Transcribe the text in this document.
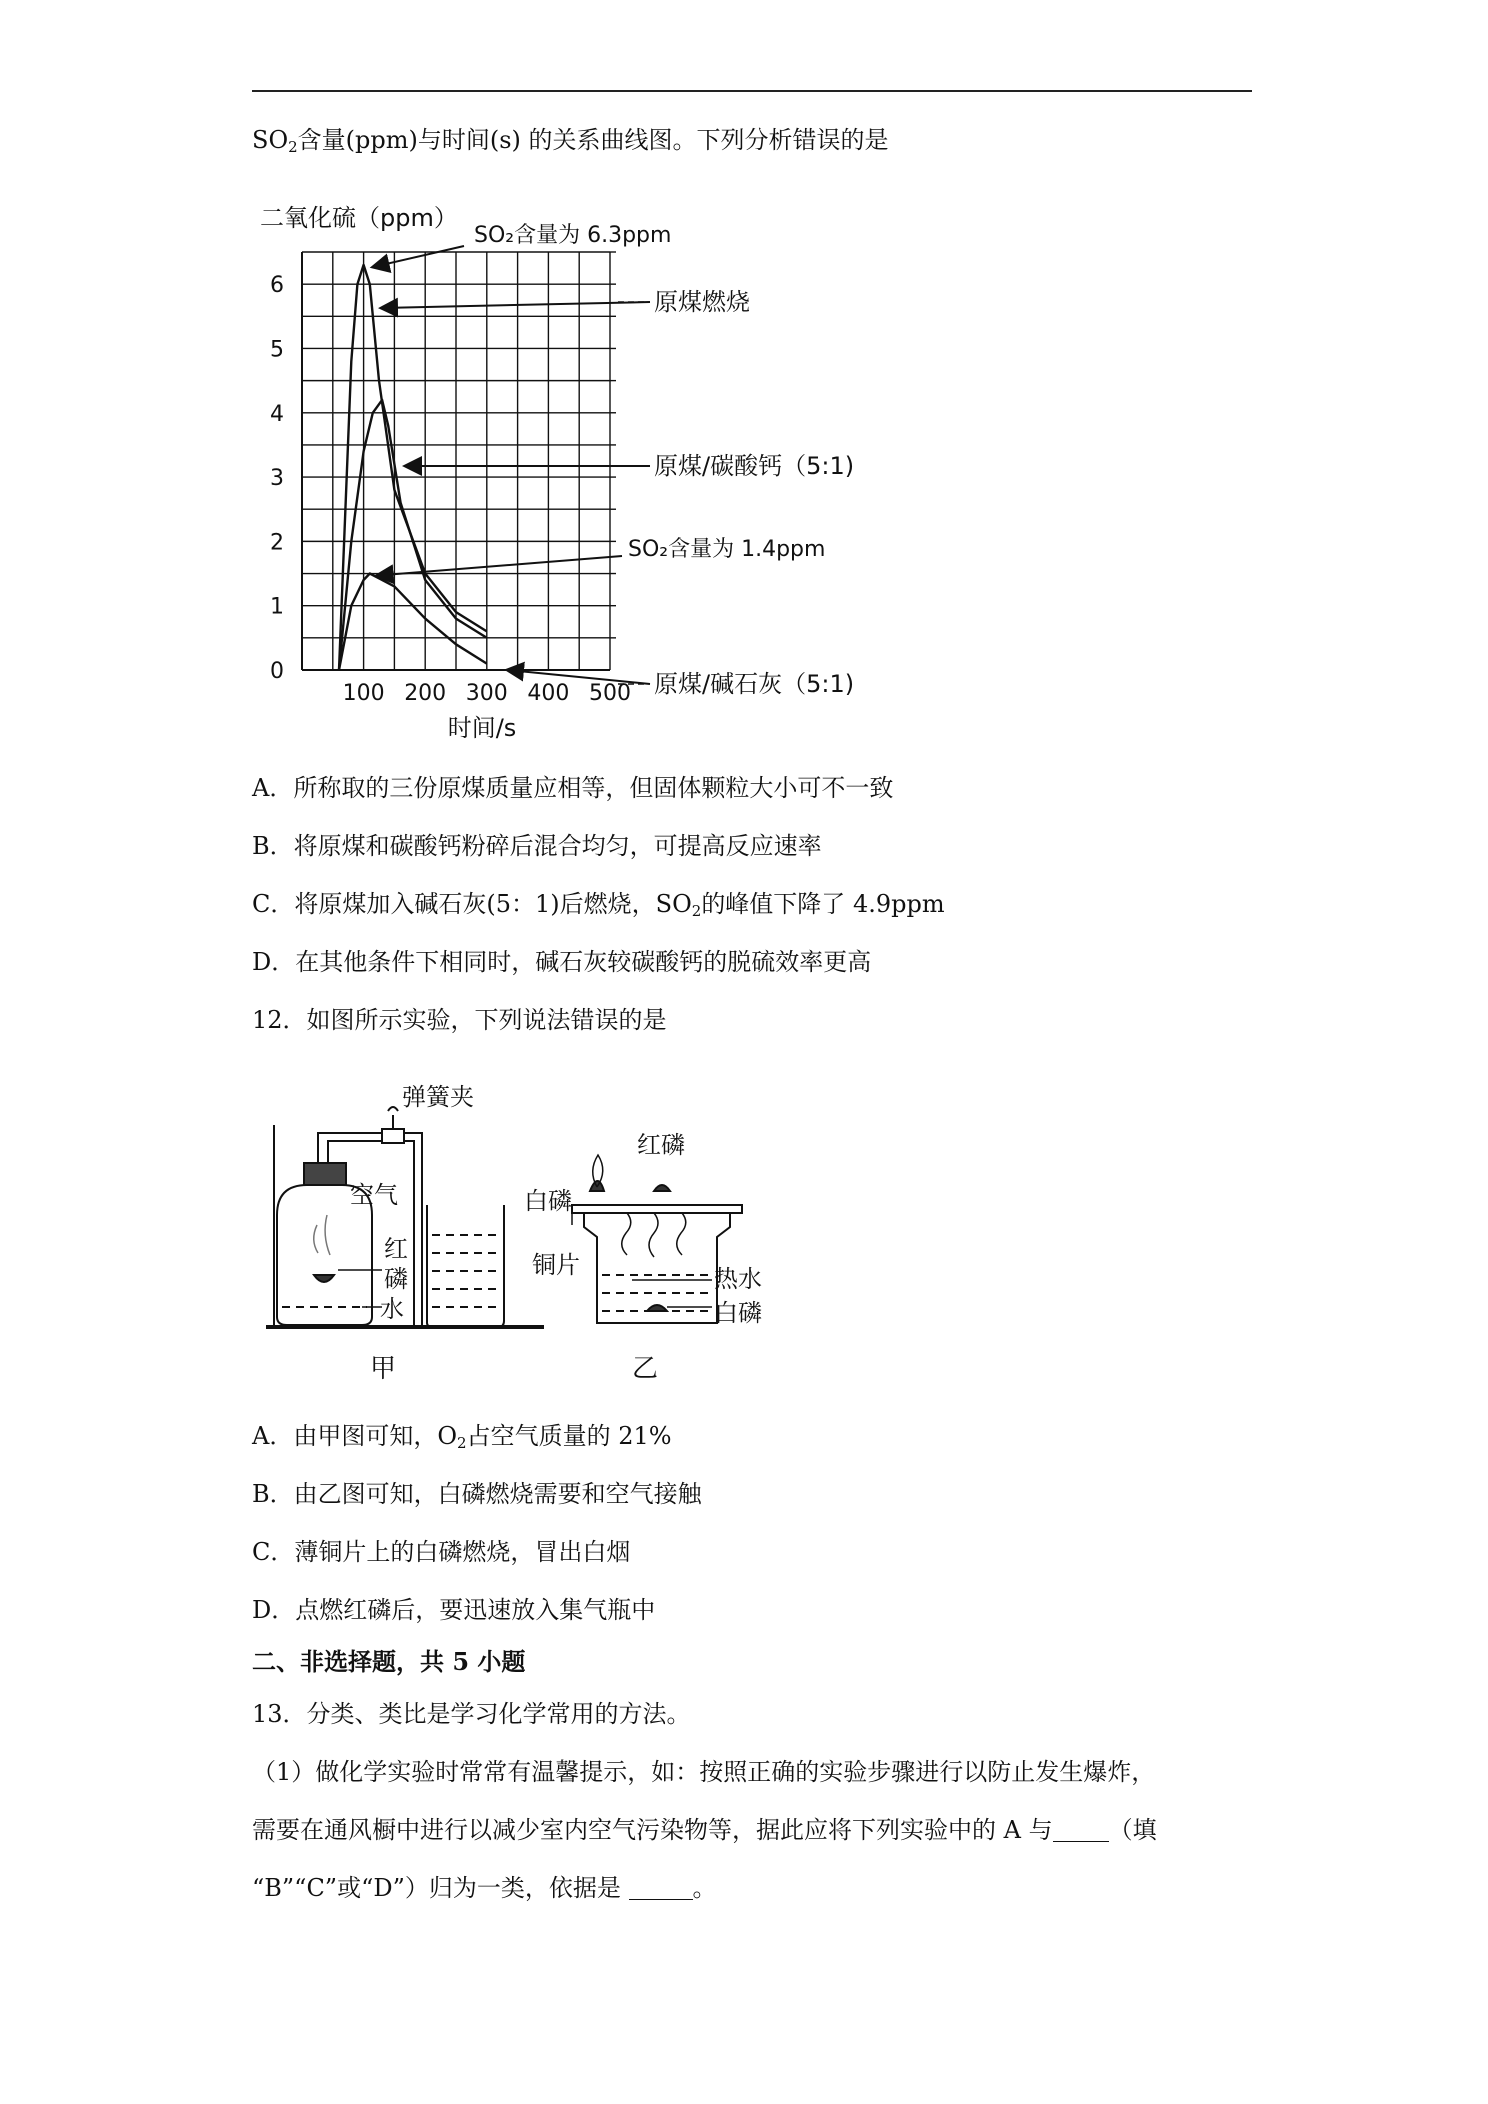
$SO_2$含量(ppm)与时间(s) 的关系曲线图。下列分析错误的是
100 200 300 400 500
0
1
2
3
4
5
6
二氧化硫（ppm）
时间/s
SO₂含量为 6.3ppm
SO₂含量为 1.4ppm
原煤燃烧
原煤/碳酸钙（5:1)
原煤/碱石灰（5:1)
A．所称取的三份原煤质量应相等，但固体颗粒大小可不一致
B．将原煤和碳酸钙粉碎后混合均匀，可提高反应速率
C．将原煤加入碱石灰(5：1)后燃烧，$SO_2$的峰值下降了 4.9ppm
D．在其他条件下相同时，碱石灰较碳酸钙的脱硫效率更高
12．如图所示实验，下列说法错误的是
弹簧夹
空气
红
磷
水
甲
红磷
白磷
铜片	热水
白磷
乙
A．由甲图可知，$O_2$占空气质量的 21%
B．由乙图可知，白磷燃烧需要和空气接触
C．薄铜片上的白磷燃烧，冒出白烟
D．点燃红磷后，要迅速放入集气瓶中
二、非选择题，共 5 小题
13．分类、类比是学习化学常用的方法。
（1）做化学实验时常常有温馨提示，如：按照正确的实验步骤进行以防止发生爆炸，
需要在通风橱中进行以减少室内空气污染物等，据此应将下列实验中的 A 与 （填
“B”“C”或“D”）归为一类，依据是	。
